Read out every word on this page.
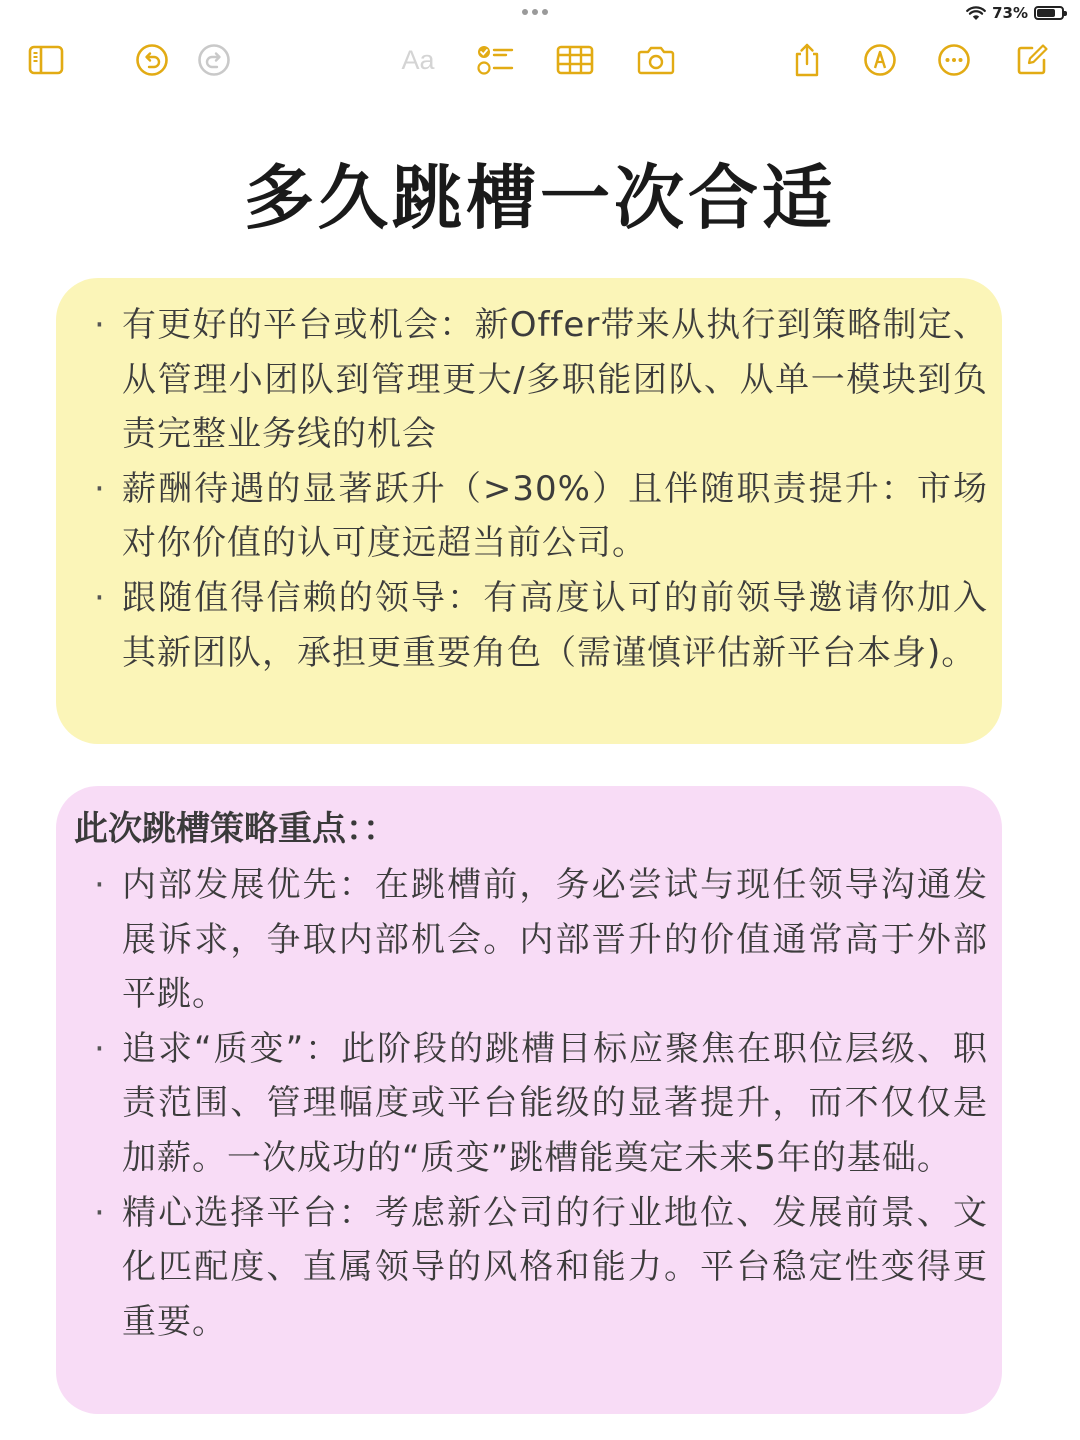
73%
Aa
多久跳槽一次合适
· 有更好的平台或机会：新Offer带来从执行到策略制定、从管理小团队到管理更大/多职能团队、从单一模块到负责完整业务线的机会
· 薪酬待遇的显著跃升（>30%）且伴随职责提升：市场对你价值的认可度远超当前公司。
· 跟随值得信赖的领导：有高度认可的前领导邀请你加入其新团队，承担更重要角色（需谨慎评估新平台本身)。
此次跳槽策略重点：：
· 内部发展优先：在跳槽前，务必尝试与现任领导沟通发展诉求，争取内部机会。内部晋升的价值通常高于外部平跳。
· 追求“质变”：此阶段的跳槽目标应聚焦在职位层级、职责范围、管理幅度或平台能级的显著提升，而不仅仅是加薪。一次成功的“质变”跳槽能奠定未来5年的基础。
· 精心选择平台：考虑新公司的行业地位、发展前景、文化匹配度、直属领导的风格和能力。平台稳定性变得更重要。
